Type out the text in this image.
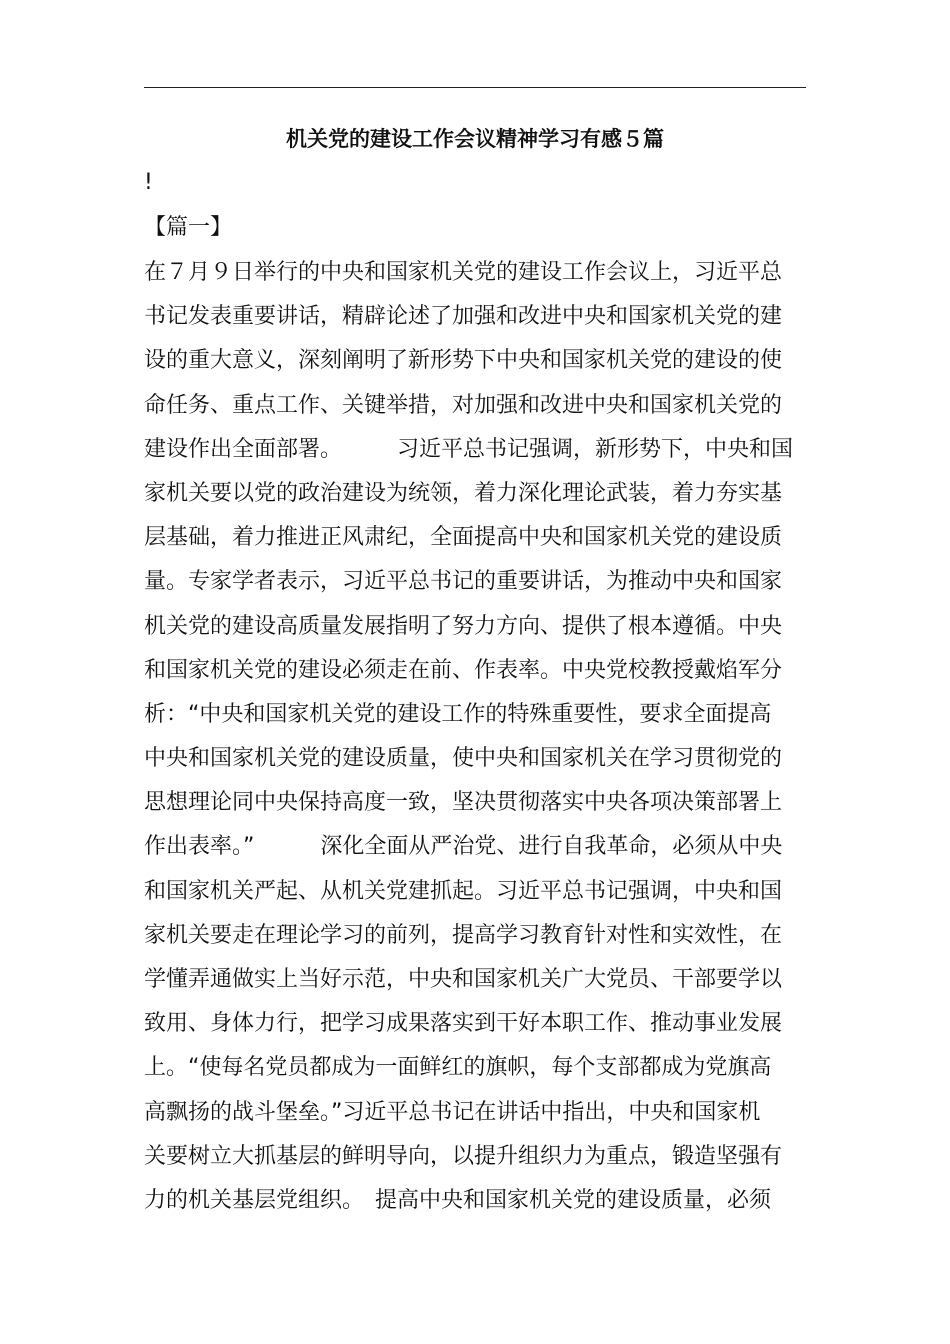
机关党的建设工作会议精神学习有感５篇
!
【篇一】
在７月９日举行的中央和国家机关党的建设工作会议上，习近平总
书记发表重要讲话，精辟论述了加强和改进中央和国家机关党的建
设的重大意义，深刻阐明了新形势下中央和国家机关党的建设的使
命任务、重点工作、关键举措，对加强和改进中央和国家机关党的
建设作出全面部署。　　　习近平总书记强调，新形势下，中央和国
家机关要以党的政治建设为统领，着力深化理论武装，着力夯实基
层基础，着力推进正风肃纪，全面提高中央和国家机关党的建设质
量。专家学者表示，习近平总书记的重要讲话，为推动中央和国家
机关党的建设高质量发展指明了努力方向、提供了根本遵循。中央
和国家机关党的建设必须走在前、作表率。中央党校教授戴焰军分
析：“中央和国家机关党的建设工作的特殊重要性，要求全面提高
中央和国家机关党的建设质量，使中央和国家机关在学习贯彻党的
思想理论同中央保持高度一致，坚决贯彻落实中央各项决策部署上
作出表率。”　　　深化全面从严治党、进行自我革命，必须从中央
和国家机关严起、从机关党建抓起。习近平总书记强调，中央和国
家机关要走在理论学习的前列，提高学习教育针对性和实效性，在
学懂弄通做实上当好示范，中央和国家机关广大党员、干部要学以
致用、身体力行，把学习成果落实到干好本职工作、推动事业发展
上。“使每名党员都成为一面鲜红的旗帜，每个支部都成为党旗高
高飘扬的战斗堡垒。”习近平总书记在讲话中指出，中央和国家机
关要树立大抓基层的鲜明导向，以提升组织力为重点，锻造坚强有
力的机关基层党组织。　提高中央和国家机关党的建设质量，必须
